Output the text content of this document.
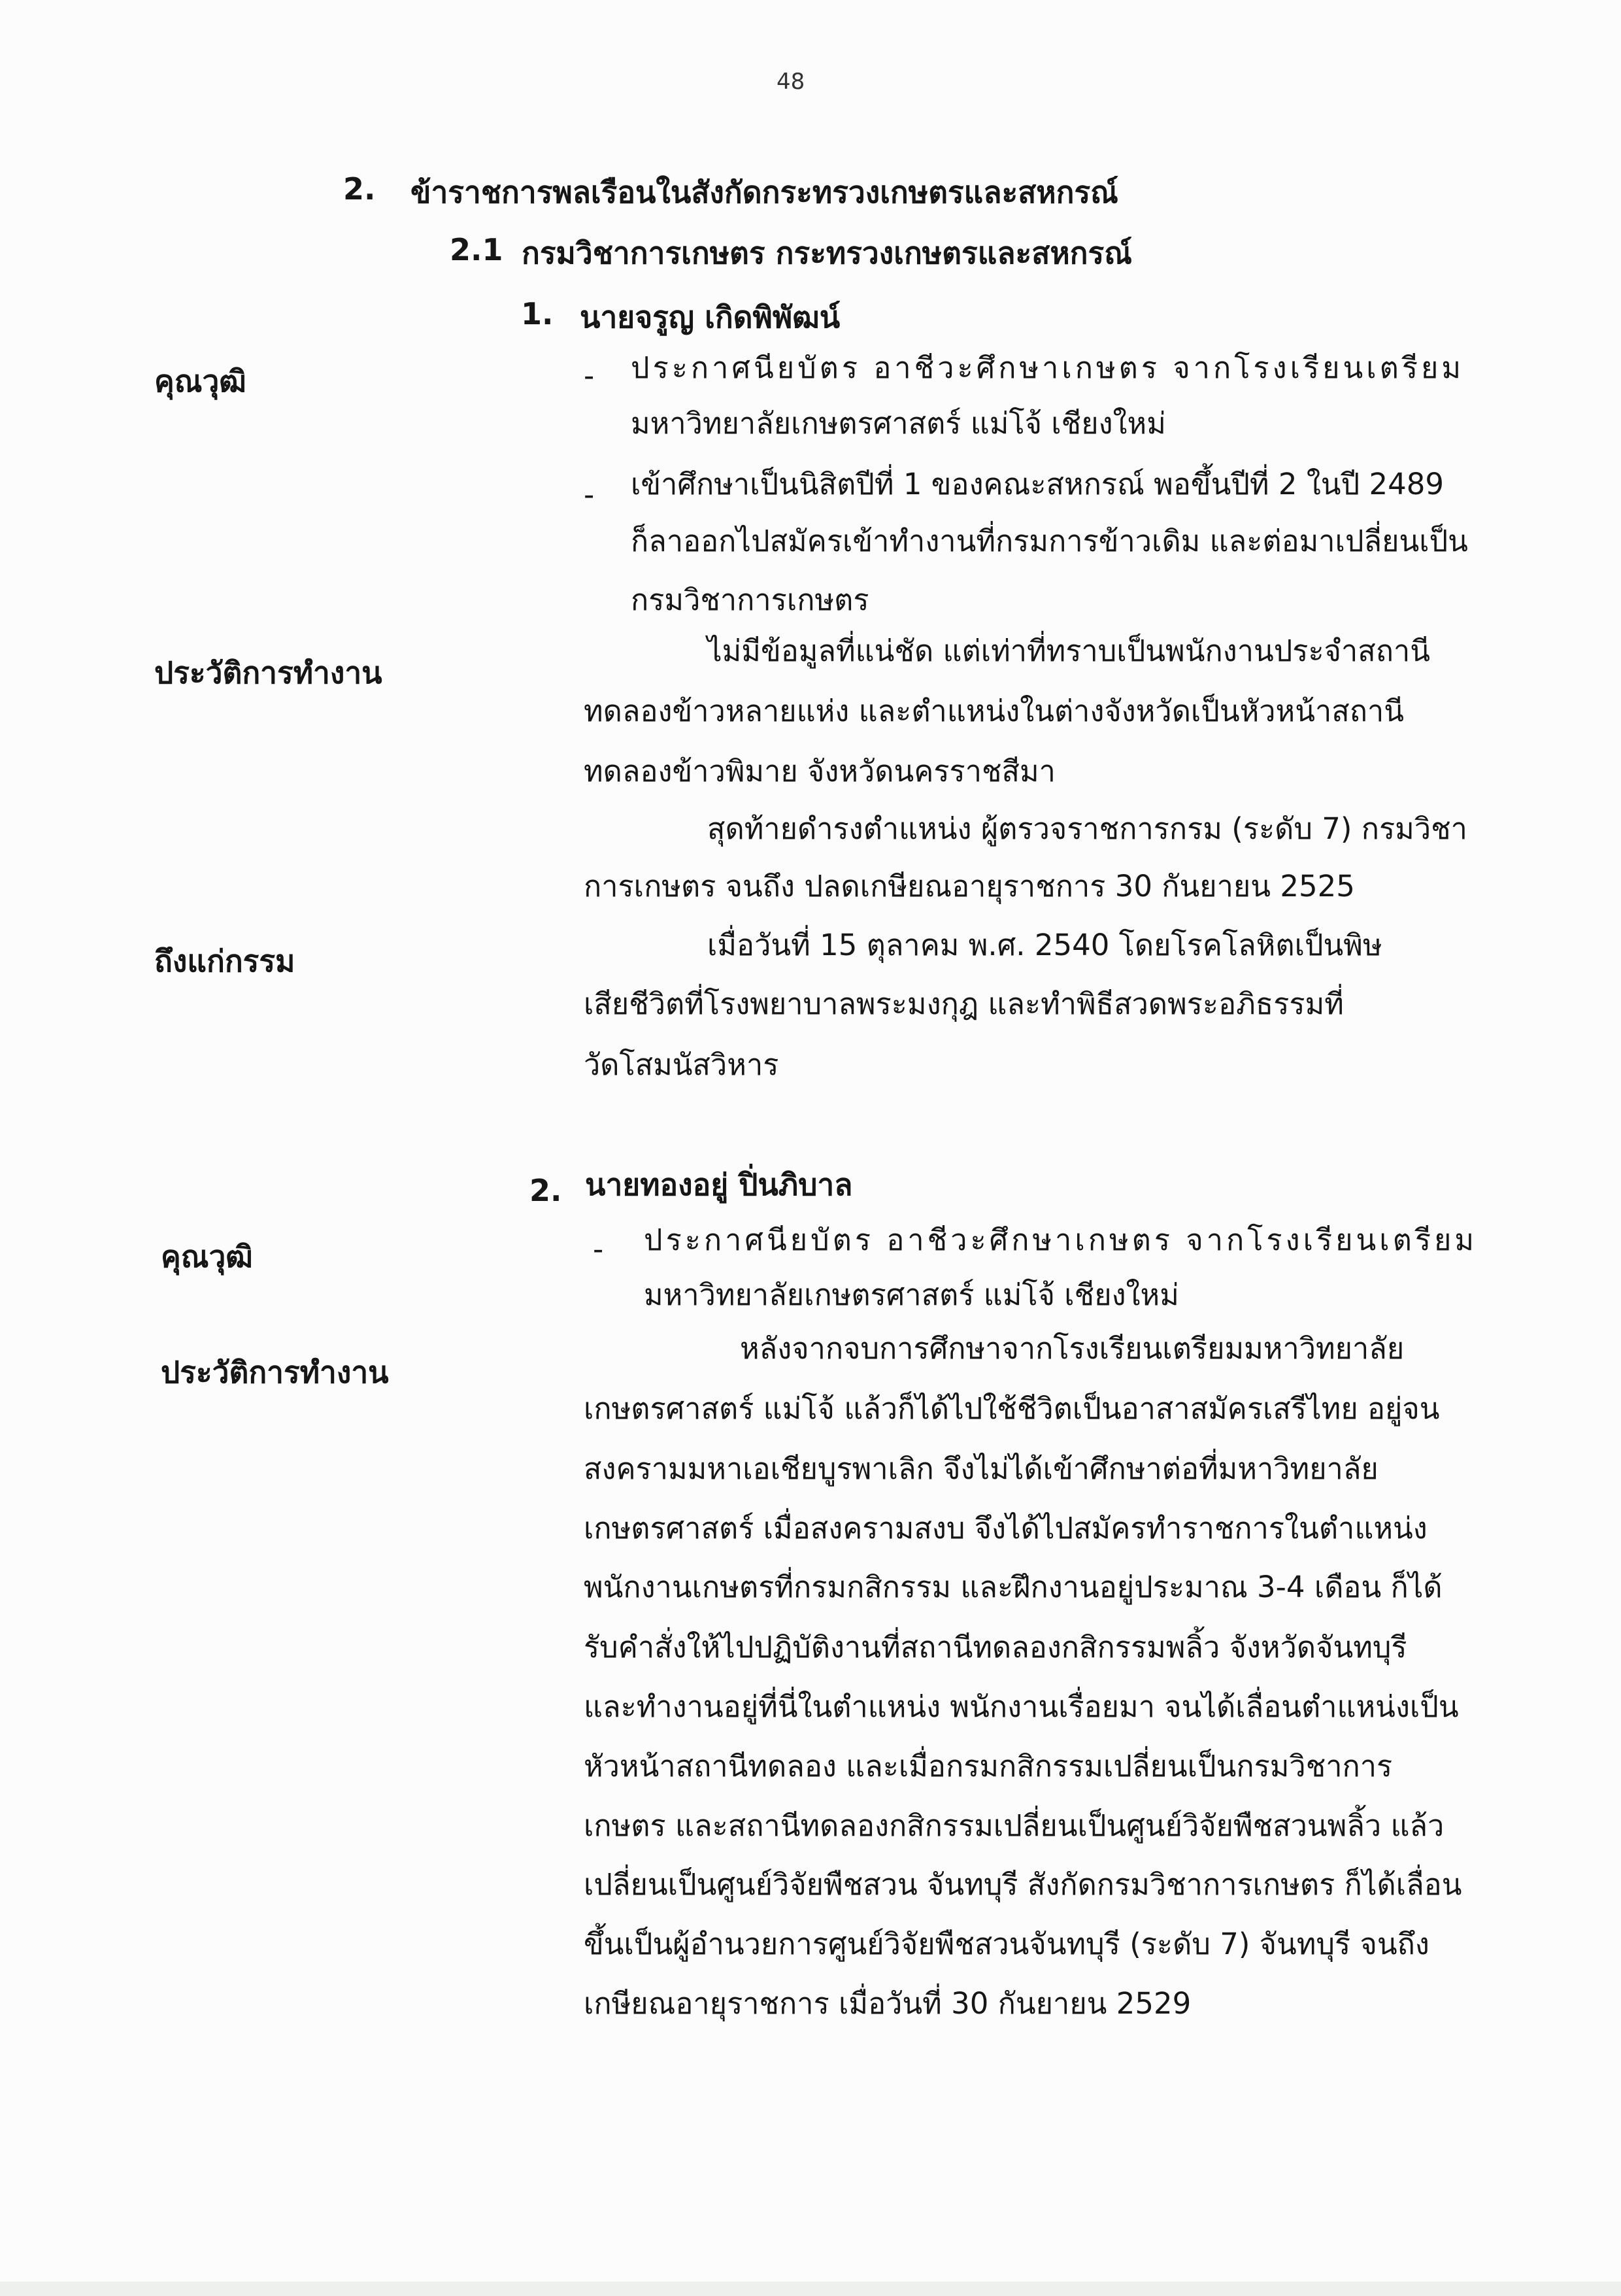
48
2. ข้าราชการพลเรือนในสังกัดกระทรวงเกษตรและสหกรณ์
2.1 กรมวิชาการเกษตร กระทรวงเกษตรและสหกรณ์
1. นายจรูญ เกิดพิพัฒน์
คุณวุฒิ	- ประกาศนียบัตร อาชีวะศึกษาเกษตร จากโรงเรียนเตรียม
มหาวิทยาลัยเกษตรศาสตร์ แม่โจ้ เชียงใหม่
- เข้าศึกษาเป็นนิสิตปีที่ 1 ของคณะสหกรณ์ พอขึ้นปีที่ 2 ในปี 2489
ก็ลาออกไปสมัครเข้าทำงานที่กรมการข้าวเดิม และต่อมาเปลี่ยนเป็น
กรมวิชาการเกษตร
ประวัติการทำงาน
ไม่มีข้อมูลที่แน่ชัด แต่เท่าที่ทราบเป็นพนักงานประจำสถานี
ทดลองข้าวหลายแห่ง และตำแหน่งในต่างจังหวัดเป็นหัวหน้าสถานี
ทดลองข้าวพิมาย จังหวัดนครราชสีมา
สุดท้ายดำรงตำแหน่ง ผู้ตรวจราชการกรม (ระดับ 7) กรมวิชา
การเกษตร จนถึง ปลดเกษียณอายุราชการ 30 กันยายน 2525
ถึงแก่กรรม	เมื่อวันที่ 15 ตุลาคม พ.ศ. 2540 โดยโรคโลหิตเป็นพิษ
เสียชีวิตที่โรงพยาบาลพระมงกุฎ และทำพิธีสวดพระอภิธรรมที่
วัดโสมนัสวิหาร
2. นายทองอยู่ ปิ่นภิบาล
คุณวุฒิ	- ประกาศนียบัตร อาชีวะศึกษาเกษตร จากโรงเรียนเตรียม
มหาวิทยาลัยเกษตรศาสตร์ แม่โจ้ เชียงใหม่
ประวัติการทำงาน
หลังจากจบการศึกษาจากโรงเรียนเตรียมมหาวิทยาลัย
เกษตรศาสตร์ แม่โจ้ แล้วก็ได้ไปใช้ชีวิตเป็นอาสาสมัครเสรีไทย อยู่จน
สงครามมหาเอเชียบูรพาเลิก จึงไม่ได้เข้าศึกษาต่อที่มหาวิทยาลัย
เกษตรศาสตร์ เมื่อสงครามสงบ จึงได้ไปสมัครทำราชการในตำแหน่ง
พนักงานเกษตรที่กรมกสิกรรม และฝึกงานอยู่ประมาณ 3-4 เดือน ก็ได้
รับคำสั่งให้ไปปฏิบัติงานที่สถานีทดลองกสิกรรมพลิ้ว จังหวัดจันทบุรี
และทำงานอยู่ที่นี่ในตำแหน่ง พนักงานเรื่อยมา จนได้เลื่อนตำแหน่งเป็น
หัวหน้าสถานีทดลอง และเมื่อกรมกสิกรรมเปลี่ยนเป็นกรมวิชาการ
เกษตร และสถานีทดลองกสิกรรมเปลี่ยนเป็นศูนย์วิจัยพืชสวนพลิ้ว แล้ว
เปลี่ยนเป็นศูนย์วิจัยพืชสวน จันทบุรี สังกัดกรมวิชาการเกษตร ก็ได้เลื่อน
ขึ้นเป็นผู้อำนวยการศูนย์วิจัยพืชสวนจันทบุรี (ระดับ 7) จันทบุรี จนถึง
เกษียณอายุราชการ เมื่อวันที่ 30 กันยายน 2529
